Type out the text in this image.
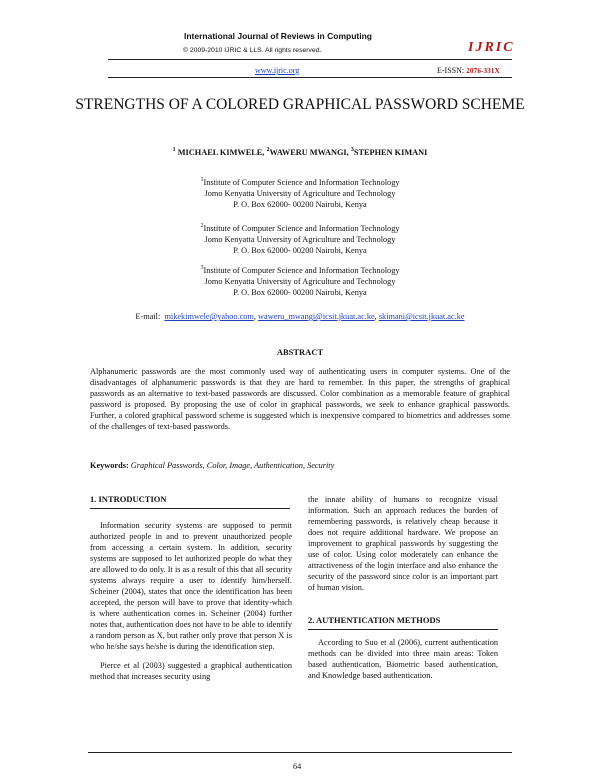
International Journal of Reviews in Computing
© 2009-2010 IJRIC & LLS. All rights reserved.	IJRIC
www.ijric.org	E-ISSN: 2076-331X
STRENGTHS OF A COLORED GRAPHICAL PASSWORD SCHEME
$^1$ MICHAEL KIMWELE, $^2$WAWERU MWANGI, $^3$STEPHEN KIMANI
$^1$Institute of Computer Science and Information Technology
Jomo Kenyatta University of Agriculture and Technology
P. O. Box 62000- 00200 Nairobi, Kenya
$^2$Institute of Computer Science and Information Technology
Jomo Kenyatta University of Agriculture and Technology
P. O. Box 62000- 00200 Nairobi, Kenya
$^3$Institute of Computer Science and Information Technology
Jomo Kenyatta University of Agriculture and Technology
P. O. Box 62000- 00200 Nairobi, Kenya
E-mail: mikekimwele@yahoo.com, waweru_mwangi@icsit.jkuat.ac.ke, skimani@icsit.jkuat.ac.ke
ABSTRACT
Alphanumeric passwords are the most commonly used way of authenticating users in computer systems. One of the disadvantages of alphanumeric passwords is that they are hard to remember. In this paper, the strengths of graphical passwords as an alternative to text-based passwords are discussed. Color combination as a memorable feature of graphical password is proposed. By proposing the use of color in graphical passwords, we seek to enhance graphical passwords. Further, a colored graphical password scheme is suggested which is inexpensive compared to biometrics and addresses some of the challenges of text-based passwords.
Keywords: Graphical Passwords, Color, Image, Authentication, Security
1. INTRODUCTION

Information security systems are supposed to permit authorized people in and to prevent unauthorized people from accessing a certain system. In addition, security systems are supposed to let authorized people do what they are allowed to do only. It is as a result of this that all security systems always require a user to identify him/herself. Scheiner (2004), states that once the identification has been accepted, the person will have to prove that identity-which is where authentication comes in. Scheiner (2004) further notes that, authentication does not have to be able to identify a random person as X, but rather only prove that person X is who he/she says he/she is during the identification step.

Pierce et al (2003) suggested a graphical authentication method that increases security using

the innate ability of humans to recognize visual information. Such an approach reduces the burden of remembering passwords, is relatively cheap because it does not require additional hardware. We propose an improvement to graphical passwords by suggesting the use of color. Using color moderately can enhance the attractiveness of the login interface and also enhance the security of the password since color is an important part of human vision.

2. AUTHENTICATION METHODS

According to Suo et al (2006), current authentication methods can be divided into three main areas: Token based authentication, Biometric based authentication, and Knowledge based authentication.

64
